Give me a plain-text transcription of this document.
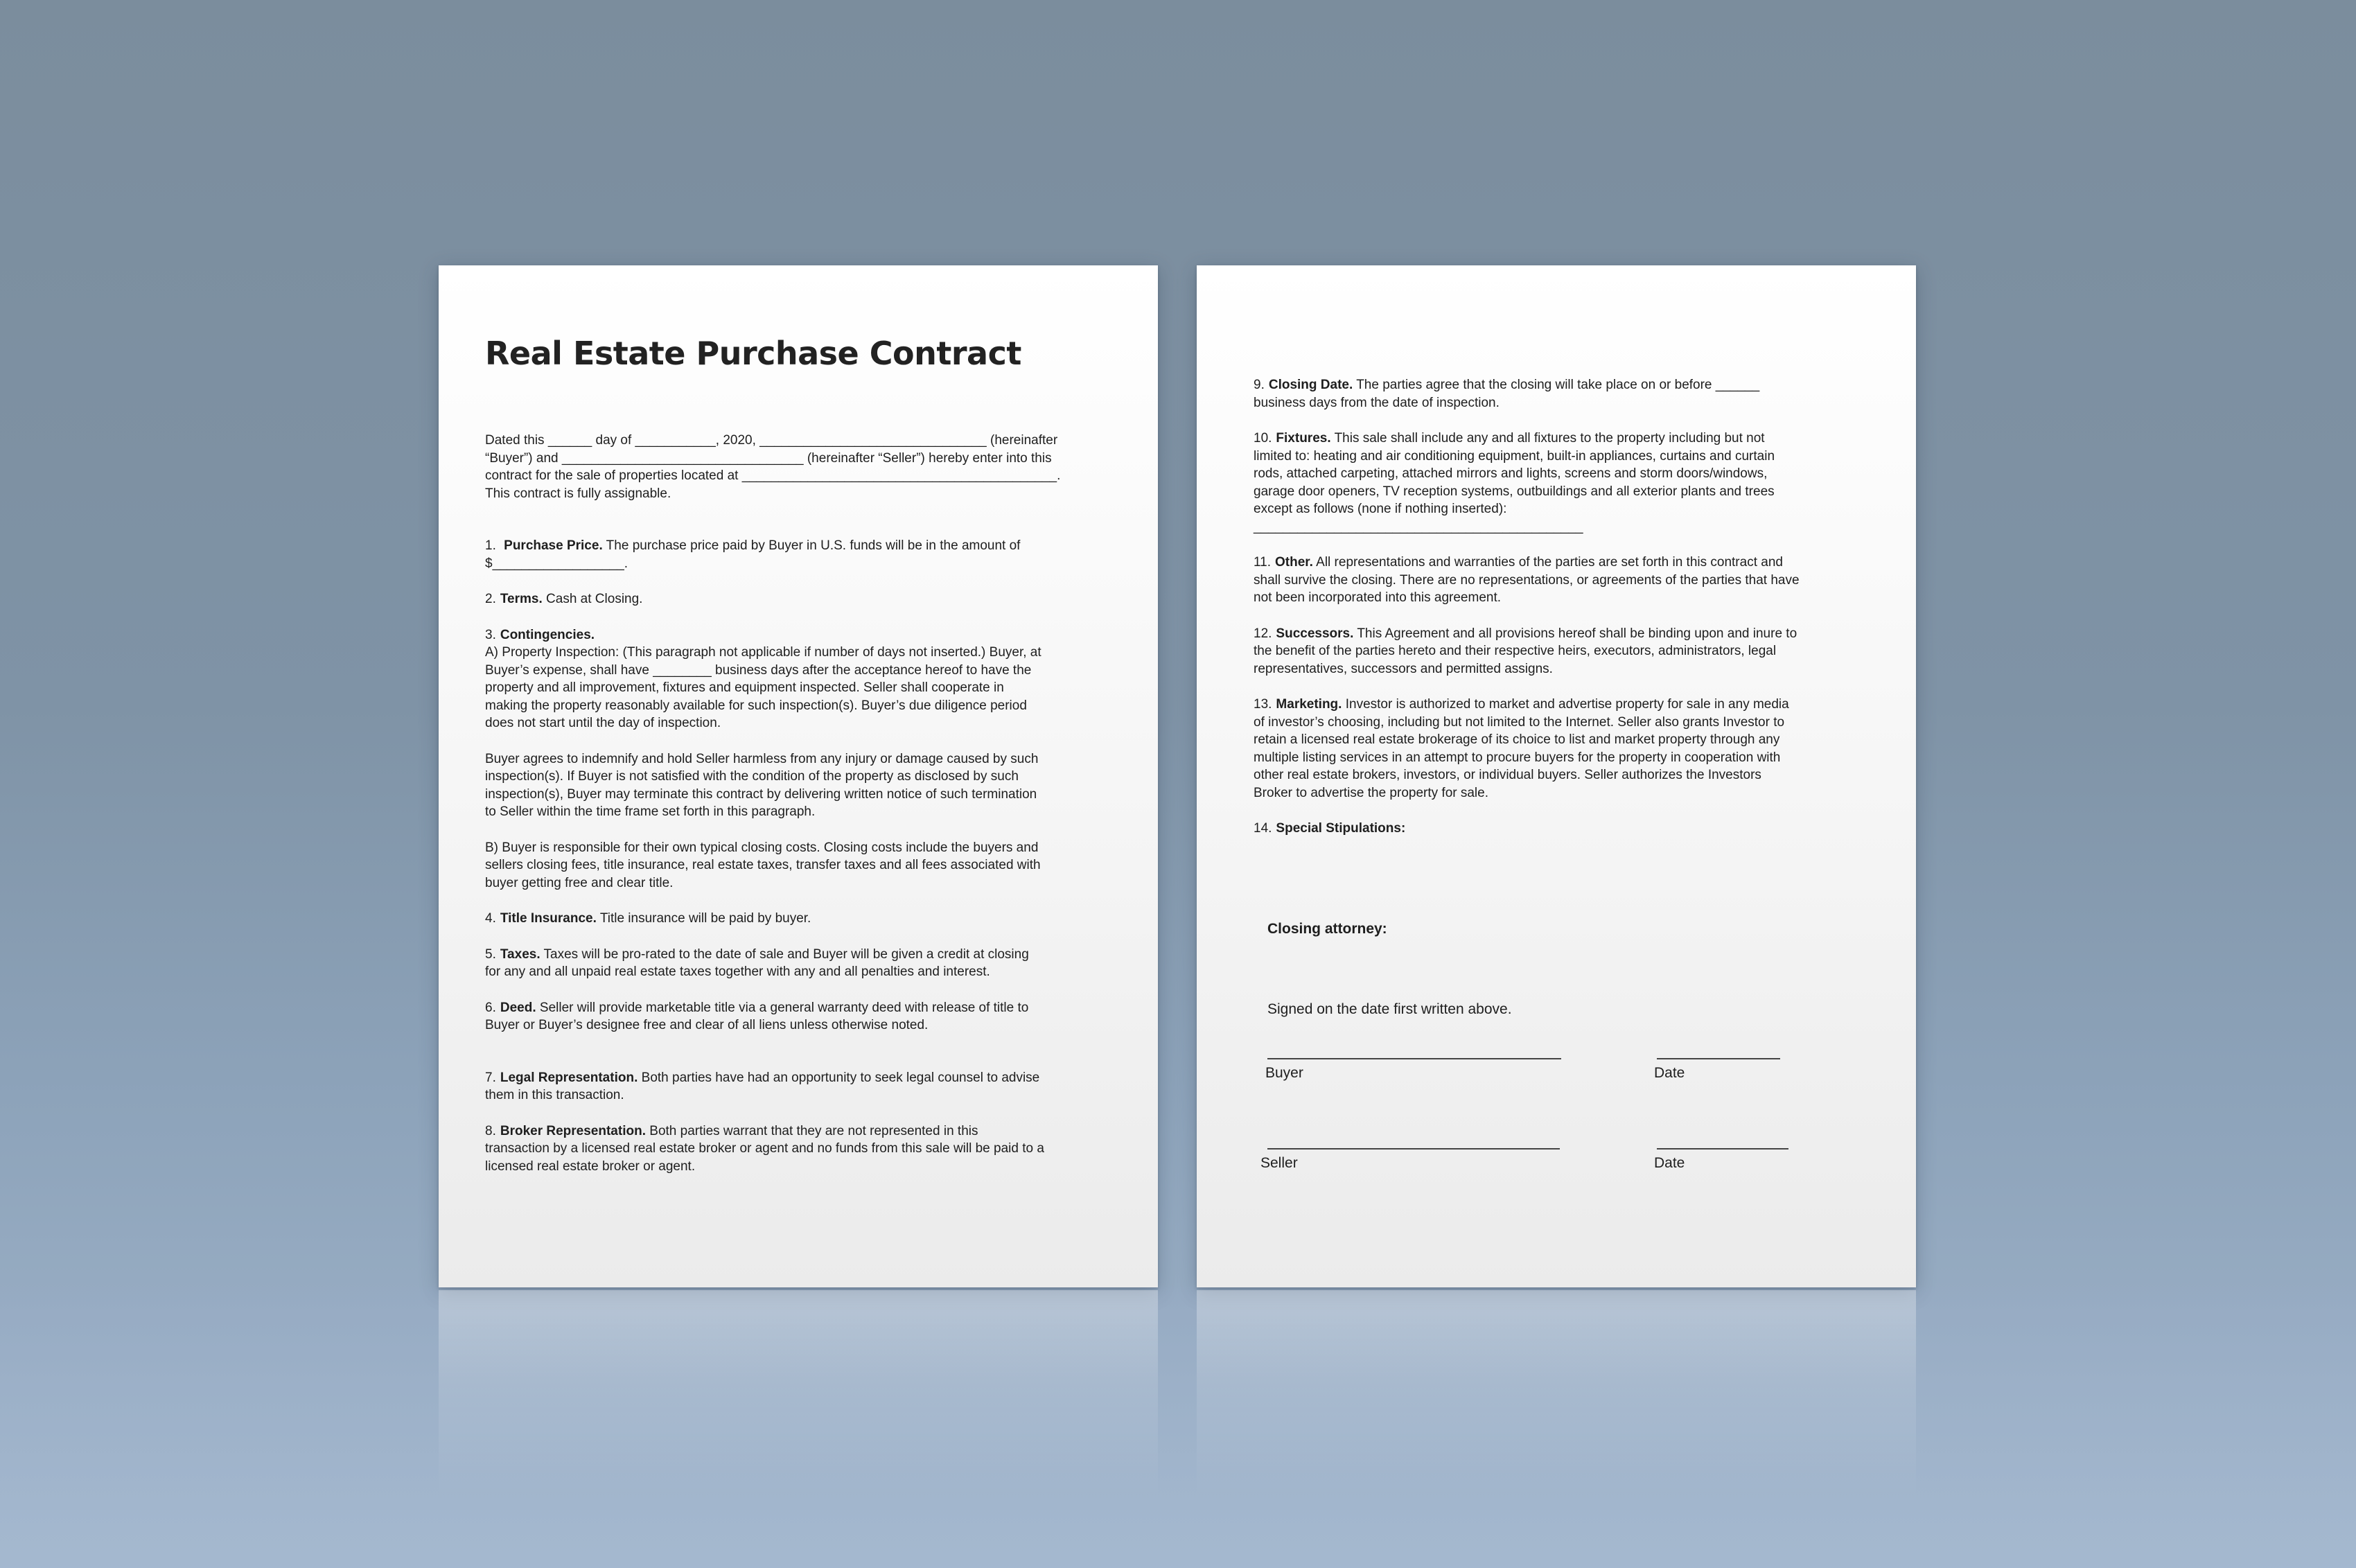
Real Estate Purchase Contract

Dated this ______ day of ___________, 2020, _______________________________ (hereinafter

“Buyer”) and _________________________________ (hereinafter “Seller”) hereby enter into this

contract for the sale of properties located at ___________________________________________.

This contract is fully assignable.

1. Purchase Price. The purchase price paid by Buyer in U.S. funds will be in the amount of

$__________________.

2. Terms. Cash at Closing.

3. Contingencies.

A) Property Inspection: (This paragraph not applicable if number of days not inserted.) Buyer, at

Buyer’s expense, shall have ________ business days after the acceptance hereof to have the

property and all improvement, fixtures and equipment inspected. Seller shall cooperate in

making the property reasonably available for such inspection(s). Buyer’s due diligence period

does not start until the day of inspection.

Buyer agrees to indemnify and hold Seller harmless from any injury or damage caused by such

inspection(s). If Buyer is not satisfied with the condition of the property as disclosed by such

inspection(s), Buyer may terminate this contract by delivering written notice of such termination

to Seller within the time frame set forth in this paragraph.

B) Buyer is responsible for their own typical closing costs. Closing costs include the buyers and

sellers closing fees, title insurance, real estate taxes, transfer taxes and all fees associated with

buyer getting free and clear title.

4. Title Insurance. Title insurance will be paid by buyer.

5. Taxes. Taxes will be pro-rated to the date of sale and Buyer will be given a credit at closing

for any and all unpaid real estate taxes together with any and all penalties and interest.

6. Deed. Seller will provide marketable title via a general warranty deed with release of title to

Buyer or Buyer’s designee free and clear of all liens unless otherwise noted.

7. Legal Representation. Both parties have had an opportunity to seek legal counsel to advise

them in this transaction.

8. Broker Representation. Both parties warrant that they are not represented in this

transaction by a licensed real estate broker or agent and no funds from this sale will be paid to a

licensed real estate broker or agent.

9. Closing Date. The parties agree that the closing will take place on or before ______

business days from the date of inspection.

10. Fixtures. This sale shall include any and all fixtures to the property including but not

limited to: heating and air conditioning equipment, built-in appliances, curtains and curtain

rods, attached carpeting, attached mirrors and lights, screens and storm doors/windows,

garage door openers, TV reception systems, outbuildings and all exterior plants and trees

except as follows (none if nothing inserted):

_____________________________________________

11. Other. All representations and warranties of the parties are set forth in this contract and

shall survive the closing. There are no representations, or agreements of the parties that have

not been incorporated into this agreement.

12. Successors. This Agreement and all provisions hereof shall be binding upon and inure to

the benefit of the parties hereto and their respective heirs, executors, administrators, legal

representatives, successors and permitted assigns.

13. Marketing. Investor is authorized to market and advertise property for sale in any media

of investor’s choosing, including but not limited to the Internet. Seller also grants Investor to

retain a licensed real estate brokerage of its choice to list and market property through any

multiple listing services in an attempt to procure buyers for the property in cooperation with

other real estate brokers, investors, or individual buyers. Seller authorizes the Investors

Broker to advertise the property for sale.

14. Special Stipulations:

Closing attorney:
Signed on the date first written above.
Buyer	Date
Seller	Date
